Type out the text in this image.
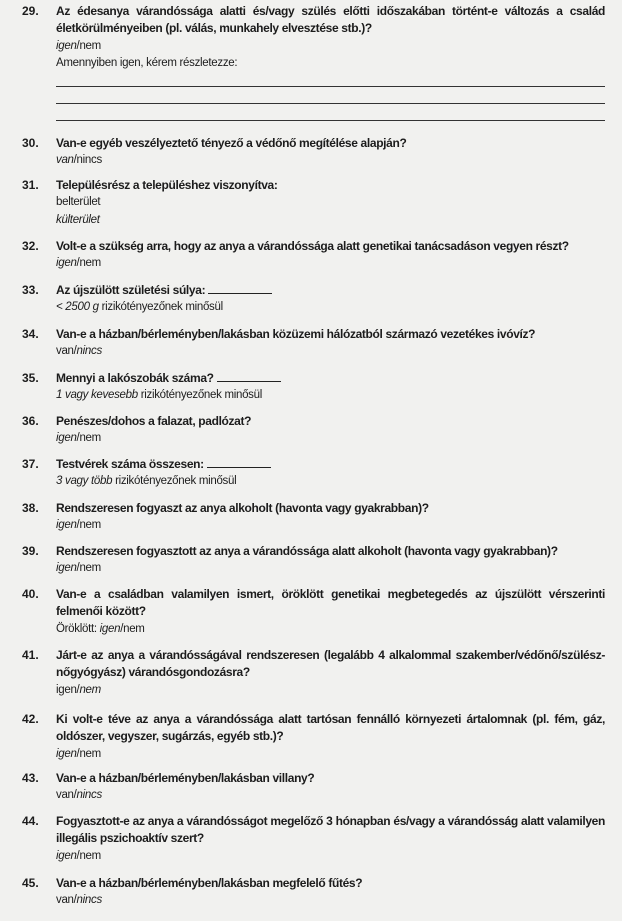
29. Az édesanya várandóssága alatti és/vagy szülés előtti időszakában történt-e változás a család életkörülményeiben (pl. válás, munkahely elvesztése stb.)?
igen/nem
Amennyiben igen, kérem részletezze:
30. Van-e egyéb veszélyeztető tényező a védőnő megítélése alapján?
van/nincs
31. Településrész a településhez viszonyítva:
belterület
külterület
32. Volt-e a szükség arra, hogy az anya a várandóssága alatt genetikai tanácsadáson vegyen részt?
igen/nem
33. Az újszülött születési súlya:
< 2500 g rizikótényezőnek minősül
34. Van-e a házban/bérleményben/lakásban közüzemi hálózatból származó vezetékes ivóvíz?
van/nincs
35. Mennyi a lakószobák száma?
1 vagy kevesebb rizikótényezőnek minősül
36. Penészes/dohos a falazat, padlózat?
igen/nem
37. Testvérek száma összesen:
3 vagy több rizikótényezőnek minősül
38. Rendszeresen fogyaszt az anya alkoholt (havonta vagy gyakrabban)?
igen/nem
39. Rendszeresen fogyasztott az anya a várandóssága alatt alkoholt (havonta vagy gyakrabban)?
igen/nem
40. Van-e a családban valamilyen ismert, öröklött genetikai megbetegedés az újszülött vérszerinti felmenői között?
Öröklött: igen/nem
41. Járt-e az anya a várandósságával rendszeresen (legalább 4 alkalommal szakember/védőnő/szülész-nőgyógyász) várandósgondozásra?
igen/nem
42. Ki volt-e téve az anya a várandóssága alatt tartósan fennálló környezeti ártalomnak (pl. fém, gáz, oldószer, vegyszer, sugárzás, egyéb stb.)?
igen/nem
43. Van-e a házban/bérleményben/lakásban villany?
van/nincs
44. Fogyasztott-e az anya a várandósságot megelőző 3 hónapban és/vagy a várandósság alatt valamilyen illegális pszichoaktív szert?
igen/nem
45. Van-e a házban/bérleményben/lakásban megfelelő fűtés?
van/nincs
